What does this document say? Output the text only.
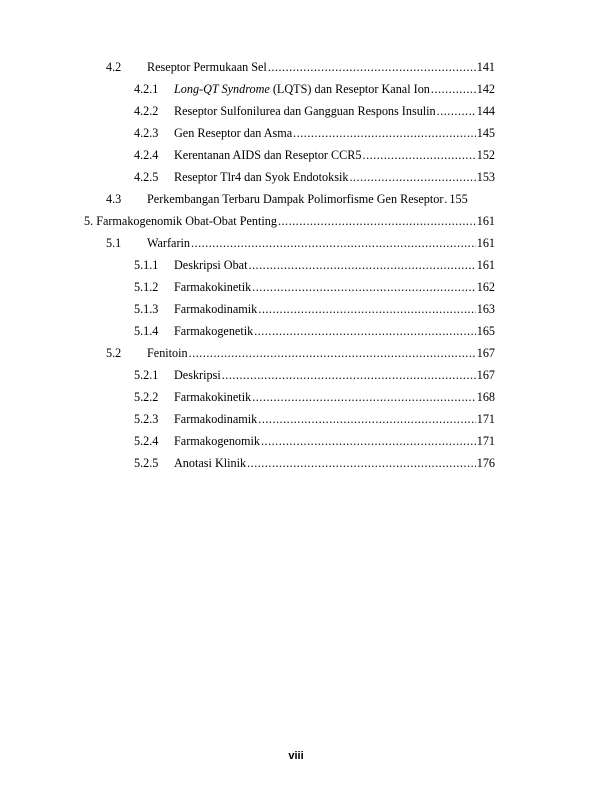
4.2	Reseptor Permukaan Sel .....	141
4.2.1	Long-QT Syndrome (LQTS) dan Reseptor Kanal Ion .....	142
4.2.2	Reseptor Sulfonilurea dan Gangguan Respons Insulin .....	144
4.2.3	Gen Reseptor dan Asma .....	145
4.2.4	Kerentanan AIDS dan Reseptor CCR5 .....	152
4.2.5	Reseptor Tlr4 dan Syok Endotoksik .....	153
4.3	Perkembangan Terbaru Dampak Polimorfisme Gen Reseptor ..... 155
5. Farmakogenomik Obat-Obat Penting .....	161
5.1	Warfarin .....	161
5.1.1	Deskripsi Obat .....	161
5.1.2	Farmakokinetik .....	162
5.1.3	Farmakodinamik .....	163
5.1.4	Farmakogenetik .....	165
5.2	Fenitoin .....	167
5.2.1	Deskripsi .....	167
5.2.2	Farmakokinetik .....	168
5.2.3	Farmakodinamik .....	171
5.2.4	Farmakogenomik .....	171
5.2.5	Anotasi Klinik .....	176
viii
